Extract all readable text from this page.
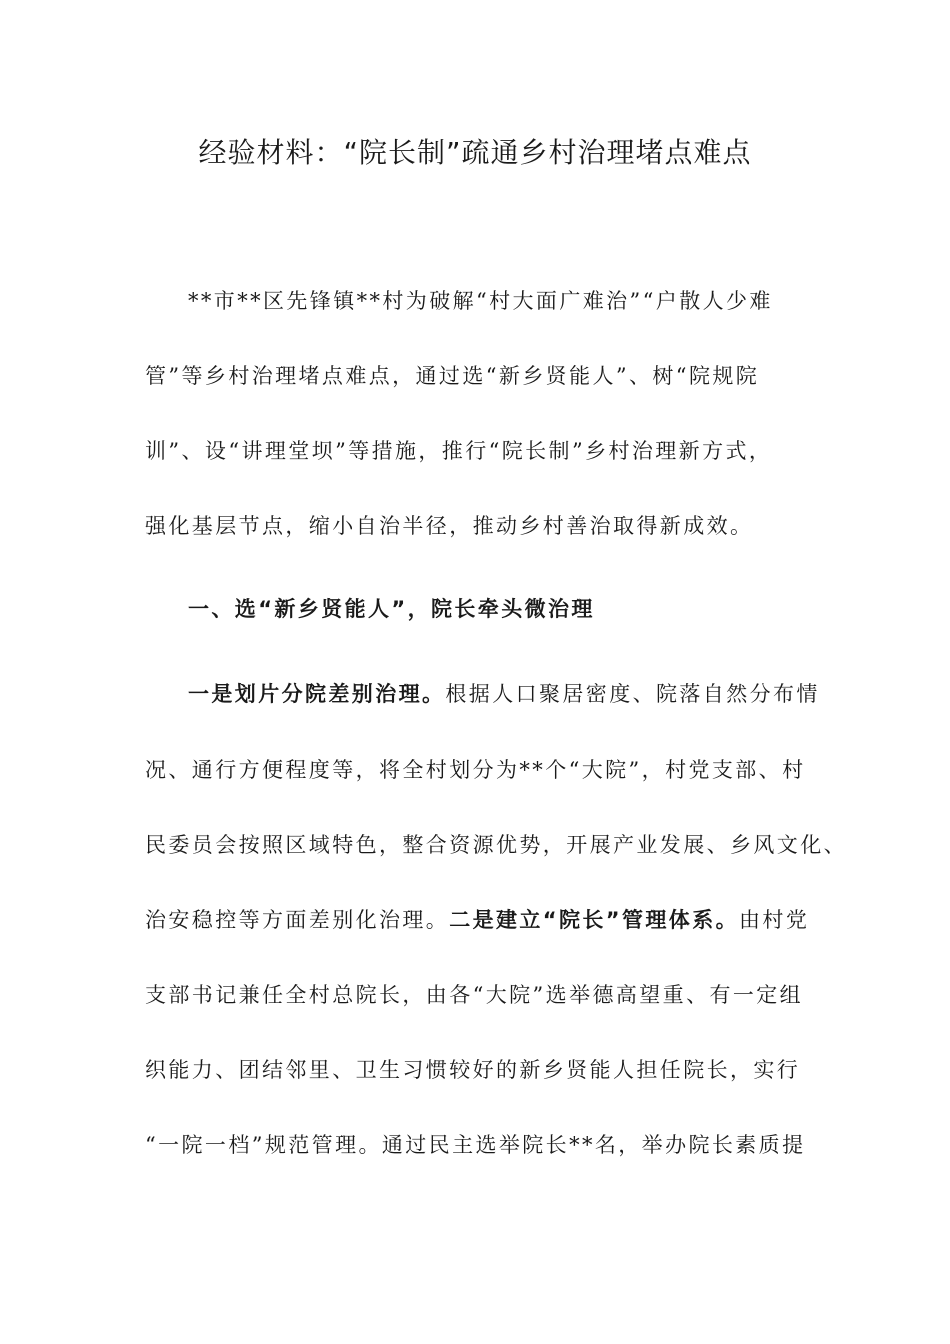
经验材料：“院长制”疏通乡村治理堵点难点
**市**区先锋镇**村为破解“村大面广难治”“户散人少难
管”等乡村治理堵点难点，通过选“新乡贤能人”、树“院规院
训”、设“讲理堂坝”等措施，推行“院长制”乡村治理新方式，
强化基层节点，缩小自治半径，推动乡村善治取得新成效。
一、选“新乡贤能人”，院长牵头微治理
一是划片分院差别治理。根据人口聚居密度、院落自然分布情
况、通行方便程度等，将全村划分为**个“大院”，村党支部、村
民委员会按照区域特色，整合资源优势，开展产业发展、乡风文化、
治安稳控等方面差别化治理。二是建立“院长”管理体系。由村党
支部书记兼任全村总院长，由各“大院”选举德高望重、有一定组
织能力、团结邻里、卫生习惯较好的新乡贤能人担任院长，实行
“一院一档”规范管理。通过民主选举院长**名，举办院长素质提
